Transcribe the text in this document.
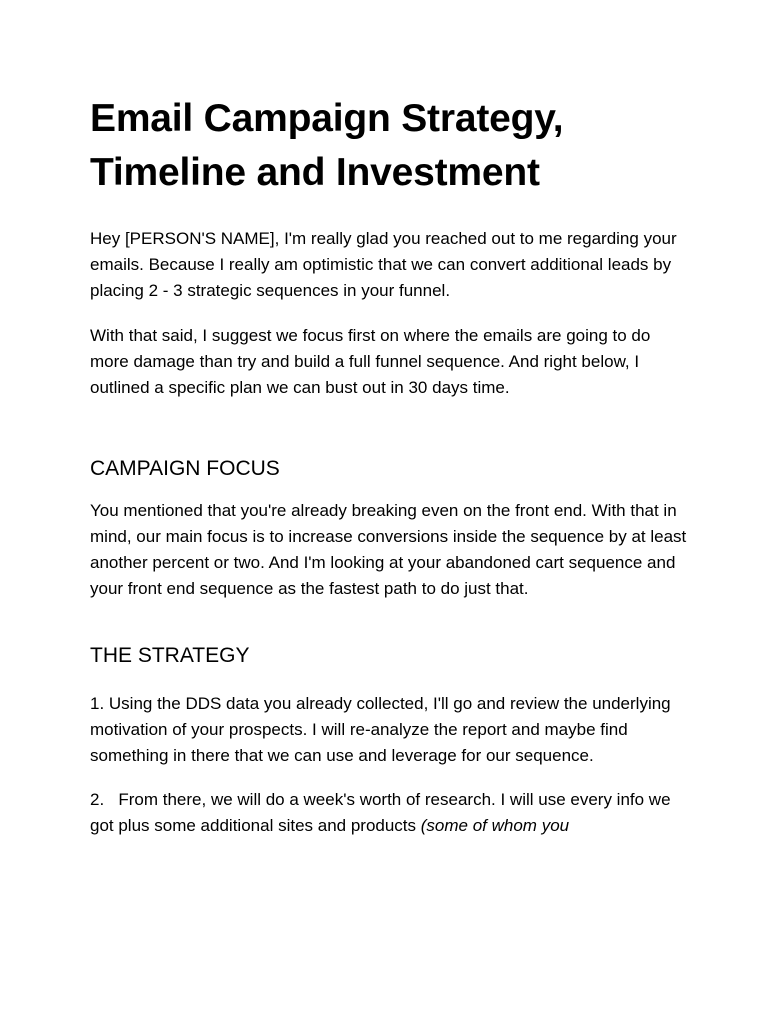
Email Campaign Strategy,
Timeline and Investment

Hey [PERSON'S NAME], I'm really glad you reached out to me regarding your emails. Because I really am optimistic that we can convert additional leads by placing 2 - 3 strategic sequences in your funnel.

With that said, I suggest we focus first on where the emails are going to do more damage than try and build a full funnel sequence. And right below, I outlined a specific plan we can bust out in 30 days time.

CAMPAIGN FOCUS

You mentioned that you're already breaking even on the front end. With that in mind, our main focus is to increase conversions inside the sequence by at least another percent or two. And I'm looking at your abandoned cart sequence and your front end sequence as the fastest path to do just that.

THE STRATEGY

1. Using the DDS data you already collected, I'll go and review the underlying motivation of your prospects. I will re-analyze the report and maybe find something in there that we can use and leverage for our sequence.

2. From there, we will do a week's worth of research. I will use every info we got plus some additional sites and products (some of whom you
